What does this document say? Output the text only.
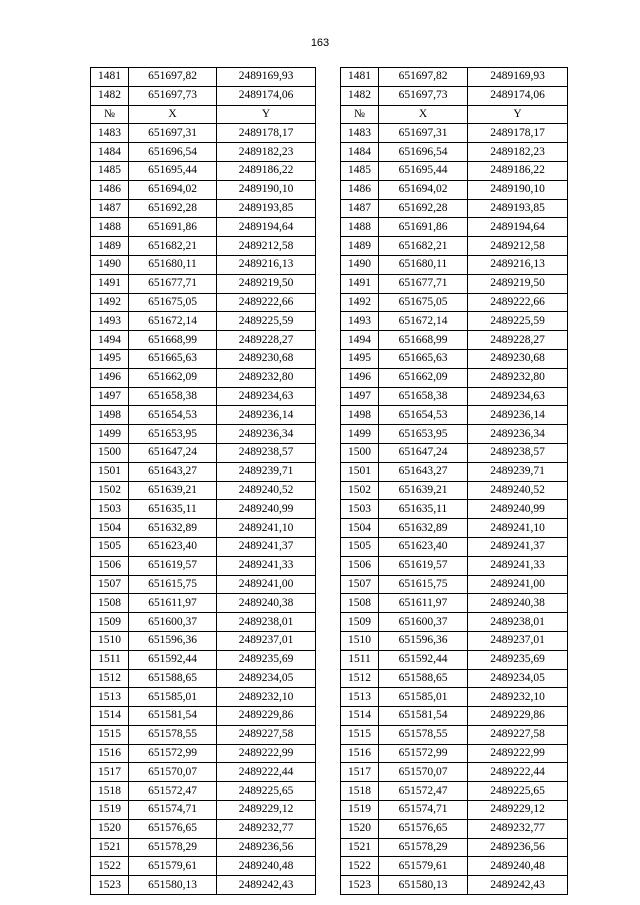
163
1481	651697,82	2489169,93		1481	651697,82	2489169,93
1482	651697,73	2489174,06		1482	651697,73	2489174,06
№	X	Y		№	X	Y
1483	651697,31	2489178,17		1483	651697,31	2489178,17
1484	651696,54	2489182,23		1484	651696,54	2489182,23
1485	651695,44	2489186,22		1485	651695,44	2489186,22
1486	651694,02	2489190,10		1486	651694,02	2489190,10
1487	651692,28	2489193,85		1487	651692,28	2489193,85
1488	651691,86	2489194,64		1488	651691,86	2489194,64
1489	651682,21	2489212,58		1489	651682,21	2489212,58
1490	651680,11	2489216,13		1490	651680,11	2489216,13
1491	651677,71	2489219,50		1491	651677,71	2489219,50
1492	651675,05	2489222,66		1492	651675,05	2489222,66
1493	651672,14	2489225,59		1493	651672,14	2489225,59
1494	651668,99	2489228,27		1494	651668,99	2489228,27
1495	651665,63	2489230,68		1495	651665,63	2489230,68
1496	651662,09	2489232,80		1496	651662,09	2489232,80
1497	651658,38	2489234,63		1497	651658,38	2489234,63
1498	651654,53	2489236,14		1498	651654,53	2489236,14
1499	651653,95	2489236,34		1499	651653,95	2489236,34
1500	651647,24	2489238,57		1500	651647,24	2489238,57
1501	651643,27	2489239,71		1501	651643,27	2489239,71
1502	651639,21	2489240,52		1502	651639,21	2489240,52
1503	651635,11	2489240,99		1503	651635,11	2489240,99
1504	651632,89	2489241,10		1504	651632,89	2489241,10
1505	651623,40	2489241,37		1505	651623,40	2489241,37
1506	651619,57	2489241,33		1506	651619,57	2489241,33
1507	651615,75	2489241,00		1507	651615,75	2489241,00
1508	651611,97	2489240,38		1508	651611,97	2489240,38
1509	651600,37	2489238,01		1509	651600,37	2489238,01
1510	651596,36	2489237,01		1510	651596,36	2489237,01
1511	651592,44	2489235,69		1511	651592,44	2489235,69
1512	651588,65	2489234,05		1512	651588,65	2489234,05
1513	651585,01	2489232,10		1513	651585,01	2489232,10
1514	651581,54	2489229,86		1514	651581,54	2489229,86
1515	651578,55	2489227,58		1515	651578,55	2489227,58
1516	651572,99	2489222,99		1516	651572,99	2489222,99
1517	651570,07	2489222,44		1517	651570,07	2489222,44
1518	651572,47	2489225,65		1518	651572,47	2489225,65
1519	651574,71	2489229,12		1519	651574,71	2489229,12
1520	651576,65	2489232,77		1520	651576,65	2489232,77
1521	651578,29	2489236,56		1521	651578,29	2489236,56
1522	651579,61	2489240,48		1522	651579,61	2489240,48
1523	651580,13	2489242,43		1523	651580,13	2489242,43
